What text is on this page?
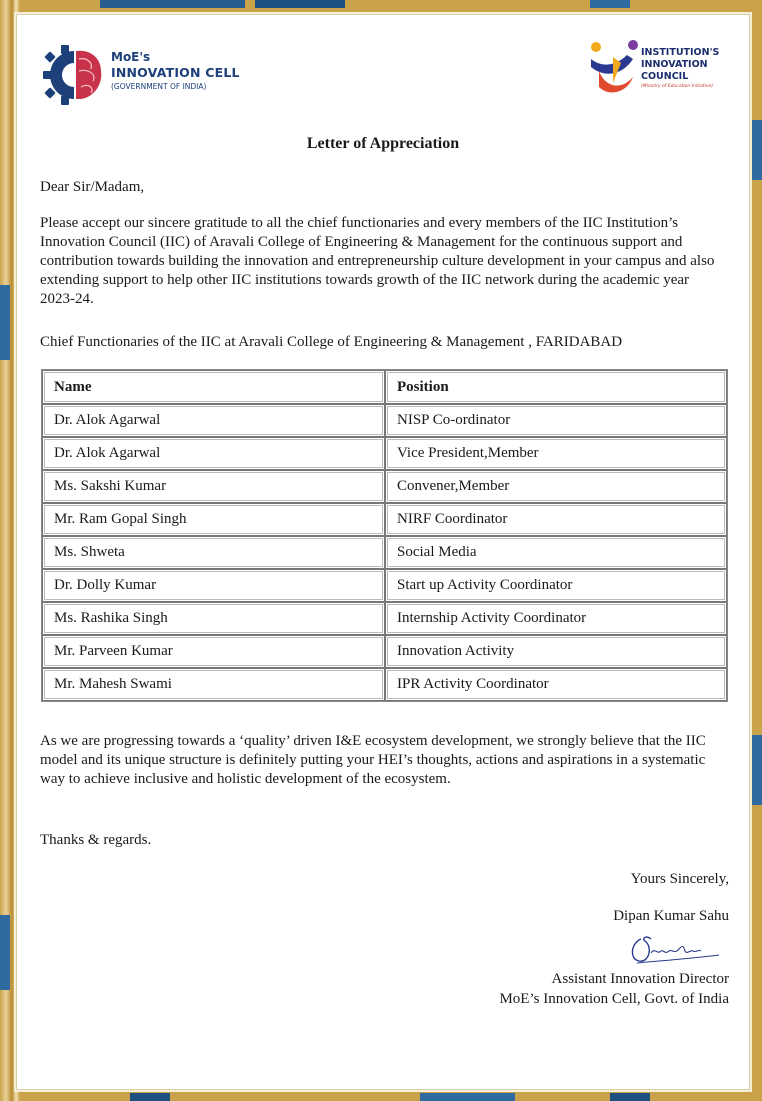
MoE's
INNOVATION CELL
(GOVERNMENT OF INDIA)
INSTITUTION'S
INNOVATION
COUNCIL
(Ministry of Education Initiative)
Letter of Appreciation
Dear Sir/Madam,
Please accept our sincere gratitude to all the chief functionaries and every members of the IIC Institution’s Innovation Council (IIC) of Aravali College of Engineering & Management for the continuous support and contribution towards building the innovation and entrepreneurship culture development in your campus and also extending support to help other IIC institutions towards growth of the IIC network during the academic year 2023-24.
Chief Functionaries of the IIC at Aravali College of Engineering & Management , FARIDABAD
Name	Position
Dr. Alok Agarwal	NISP Co-ordinator
Dr. Alok Agarwal	Vice President,Member
Ms. Sakshi Kumar	Convener,Member
Mr. Ram Gopal Singh	NIRF Coordinator
Ms. Shweta	Social Media
Dr. Dolly Kumar	Start up Activity Coordinator
Ms. Rashika Singh	Internship Activity Coordinator
Mr. Parveen Kumar	Innovation Activity
Mr. Mahesh Swami	IPR Activity Coordinator
As we are progressing towards a ‘quality’ driven I&E ecosystem development, we strongly believe that the IIC model and its unique structure is definitely putting your HEI’s thoughts, actions and aspirations in a systematic way to achieve inclusive and holistic development of the ecosystem.
Thanks & regards.
Yours Sincerely,
Dipan Kumar Sahu
Assistant Innovation Director
MoE’s Innovation Cell, Govt. of India
